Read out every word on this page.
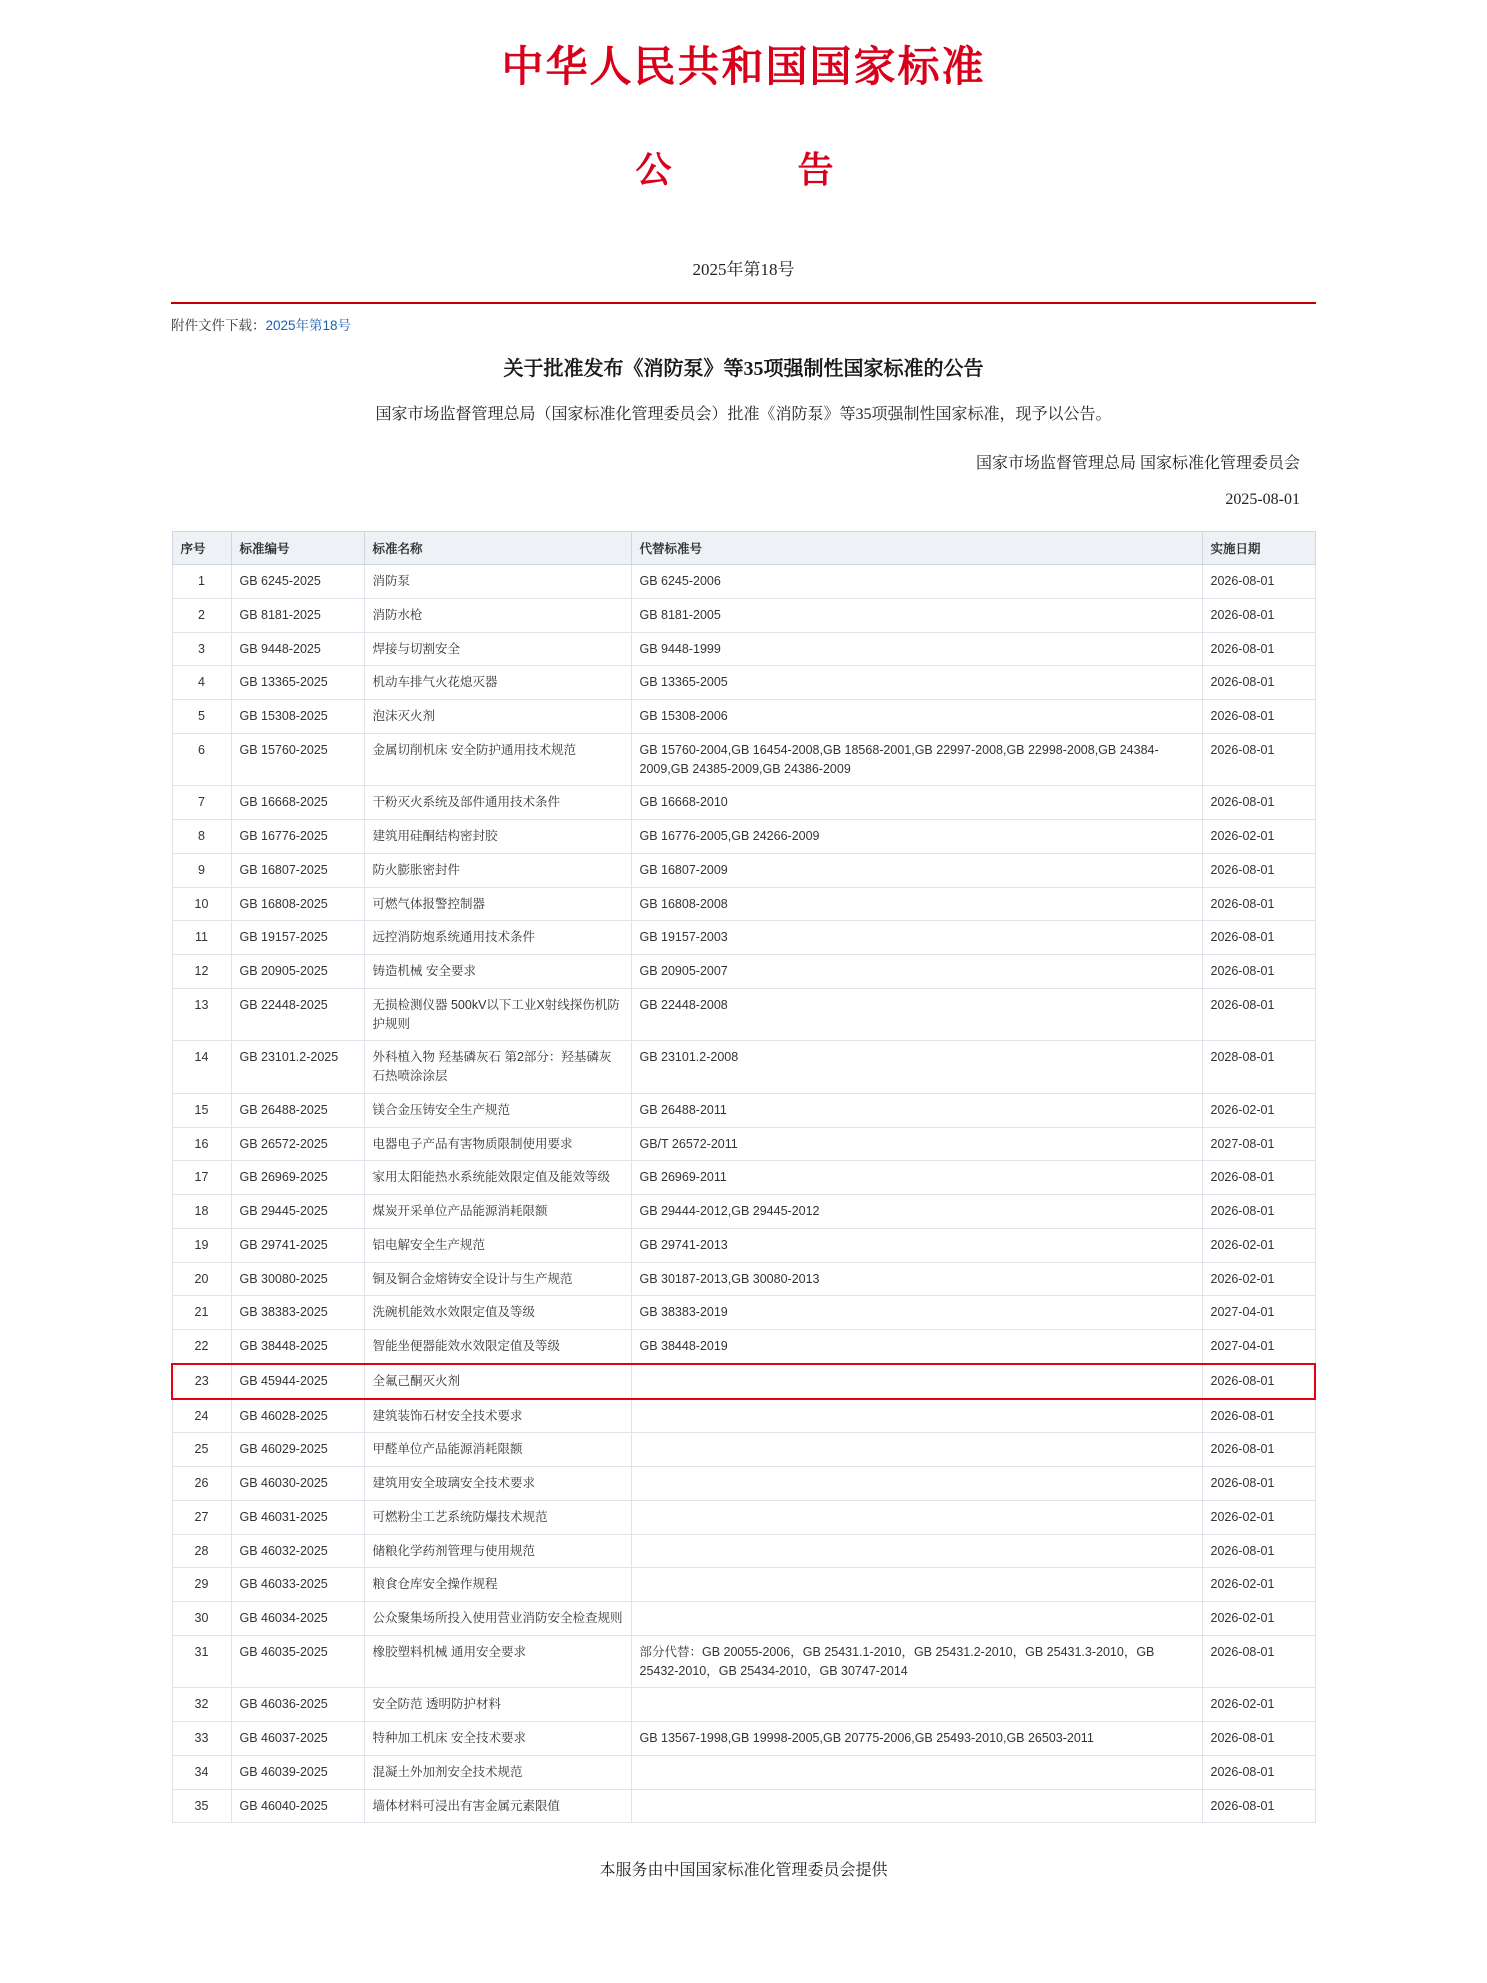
中华人民共和国国家标准
公　　告
2025年第18号
附件文件下载：2025年第18号
关于批准发布《消防泵》等35项强制性国家标准的公告
国家市场监督管理总局（国家标准化管理委员会）批准《消防泵》等35项强制性国家标准，现予以公告。
国家市场监督管理总局 国家标准化管理委员会
2025-08-01
序号	标准编号	标准名称	代替标准号	实施日期
1	GB 6245-2025	消防泵	GB 6245-2006	2026-08-01
2	GB 8181-2025	消防水枪	GB 8181-2005	2026-08-01
3	GB 9448-2025	焊接与切割安全	GB 9448-1999	2026-08-01
4	GB 13365-2025	机动车排气火花熄灭器	GB 13365-2005	2026-08-01
5	GB 15308-2025	泡沫灭火剂	GB 15308-2006	2026-08-01
6	GB 15760-2025	金属切削机床 安全防护通用技术规范	GB 15760-2004,GB 16454-2008,GB 18568-2001,GB 22997-2008,GB 22998-2008,GB 24384-2009,GB 24385-2009,GB 24386-2009	2026-08-01
7	GB 16668-2025	干粉灭火系统及部件通用技术条件	GB 16668-2010	2026-08-01
8	GB 16776-2025	建筑用硅酮结构密封胶	GB 16776-2005,GB 24266-2009	2026-02-01
9	GB 16807-2025	防火膨胀密封件	GB 16807-2009	2026-08-01
10	GB 16808-2025	可燃气体报警控制器	GB 16808-2008	2026-08-01
11	GB 19157-2025	远控消防炮系统通用技术条件	GB 19157-2003	2026-08-01
12	GB 20905-2025	铸造机械 安全要求	GB 20905-2007	2026-08-01
13	GB 22448-2025	无损检测仪器 500kV以下工业X射线探伤机防护规则	GB 22448-2008	2026-08-01
14	GB 23101.2-2025	外科植入物 羟基磷灰石 第2部分：羟基磷灰石热喷涂涂层	GB 23101.2-2008	2028-08-01
15	GB 26488-2025	镁合金压铸安全生产规范	GB 26488-2011	2026-02-01
16	GB 26572-2025	电器电子产品有害物质限制使用要求	GB/T 26572-2011	2027-08-01
17	GB 26969-2025	家用太阳能热水系统能效限定值及能效等级	GB 26969-2011	2026-08-01
18	GB 29445-2025	煤炭开采单位产品能源消耗限额	GB 29444-2012,GB 29445-2012	2026-08-01
19	GB 29741-2025	铝电解安全生产规范	GB 29741-2013	2026-02-01
20	GB 30080-2025	铜及铜合金熔铸安全设计与生产规范	GB 30187-2013,GB 30080-2013	2026-02-01
21	GB 38383-2025	洗碗机能效水效限定值及等级	GB 38383-2019	2027-04-01
22	GB 38448-2025	智能坐便器能效水效限定值及等级	GB 38448-2019	2027-04-01
23	GB 45944-2025	全氟己酮灭火剂		2026-08-01
24	GB 46028-2025	建筑装饰石材安全技术要求		2026-08-01
25	GB 46029-2025	甲醛单位产品能源消耗限额		2026-08-01
26	GB 46030-2025	建筑用安全玻璃安全技术要求		2026-08-01
27	GB 46031-2025	可燃粉尘工艺系统防爆技术规范		2026-02-01
28	GB 46032-2025	储粮化学药剂管理与使用规范		2026-08-01
29	GB 46033-2025	粮食仓库安全操作规程		2026-02-01
30	GB 46034-2025	公众聚集场所投入使用营业消防安全检查规则		2026-02-01
31	GB 46035-2025	橡胶塑料机械 通用安全要求	部分代替：GB 20055-2006，GB 25431.1-2010，GB 25431.2-2010，GB 25431.3-2010，GB 25432-2010，GB 25434-2010，GB 30747-2014	2026-08-01
32	GB 46036-2025	安全防范 透明防护材料		2026-02-01
33	GB 46037-2025	特种加工机床 安全技术要求	GB 13567-1998,GB 19998-2005,GB 20775-2006,GB 25493-2010,GB 26503-2011	2026-08-01
34	GB 46039-2025	混凝土外加剂安全技术规范		2026-08-01
35	GB 46040-2025	墙体材料可浸出有害金属元素限值		2026-08-01
本服务由中国国家标准化管理委员会提供
